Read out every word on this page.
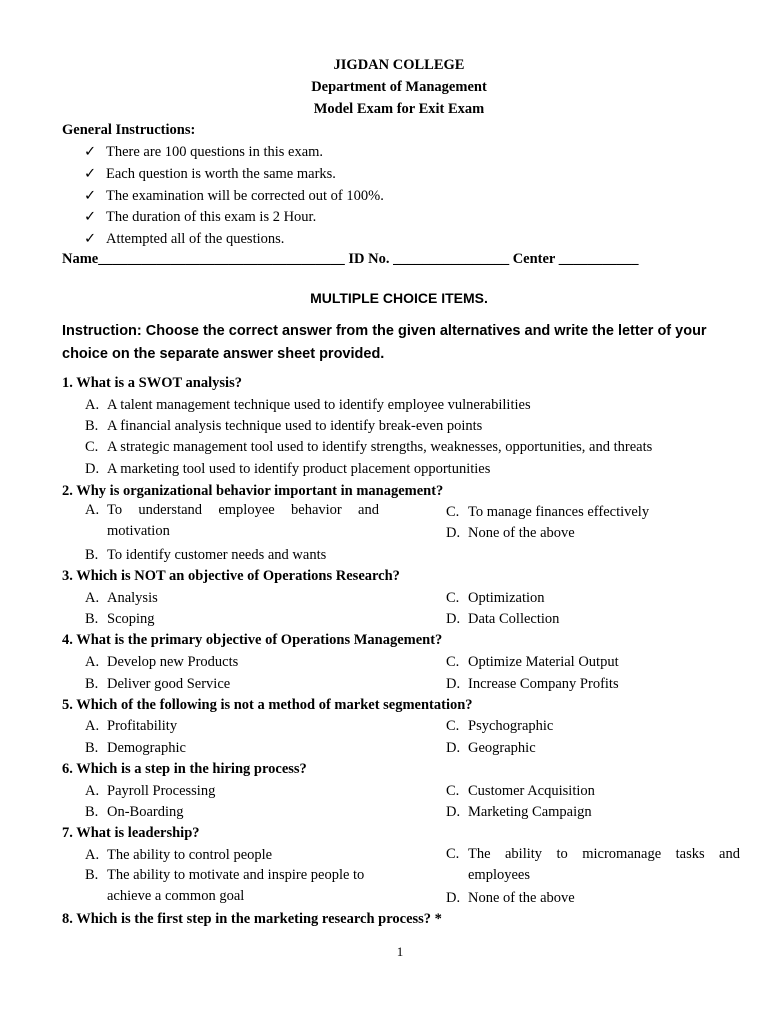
JIGDAN COLLEGE
Department of Management
Model Exam for Exit Exam
General Instructions:
✓ There are 100 questions in this exam.
✓ Each question is worth the same marks.
✓ The examination will be corrected out of 100%.
✓ The duration of this exam is 2 Hour.
✓ Attempted all of the questions.
Name__________________________________ ID No. ________________ Center ___________
MULTIPLE CHOICE ITEMS.
Instruction: Choose the correct answer from the given alternatives and write the letter of your choice on the separate answer sheet provided.
1. What is a SWOT analysis?
A. A talent management technique used to identify employee vulnerabilities
B. A financial analysis technique used to identify break-even points
C. A strategic management tool used to identify strengths, weaknesses, opportunities, and threats
D. A marketing tool used to identify product placement opportunities
2. Why is organizational behavior important in management?
A. To understand employee behavior and
motivation
B. To identify customer needs and wants
C. To manage finances effectively
D. None of the above
3. Which is NOT an objective of Operations Research?
A. Analysis
B. Scoping
C. Optimization
D. Data Collection
4. What is the primary objective of Operations Management?
A. Develop new Products
B. Deliver good Service
C. Optimize Material Output
D. Increase Company Profits
5. Which of the following is not a method of market segmentation?
A. Profitability
B. Demographic
C. Psychographic
D. Geographic
6. Which is a step in the hiring process?
A. Payroll Processing
B. On-Boarding
C. Customer Acquisition
D. Marketing Campaign
7. What is leadership?
A. The ability to control people
B. The ability to motivate and inspire people to
achieve a common goal
C. The ability to micromanage tasks and
employees
D. None of the above
8. Which is the first step in the marketing research process? *
1
